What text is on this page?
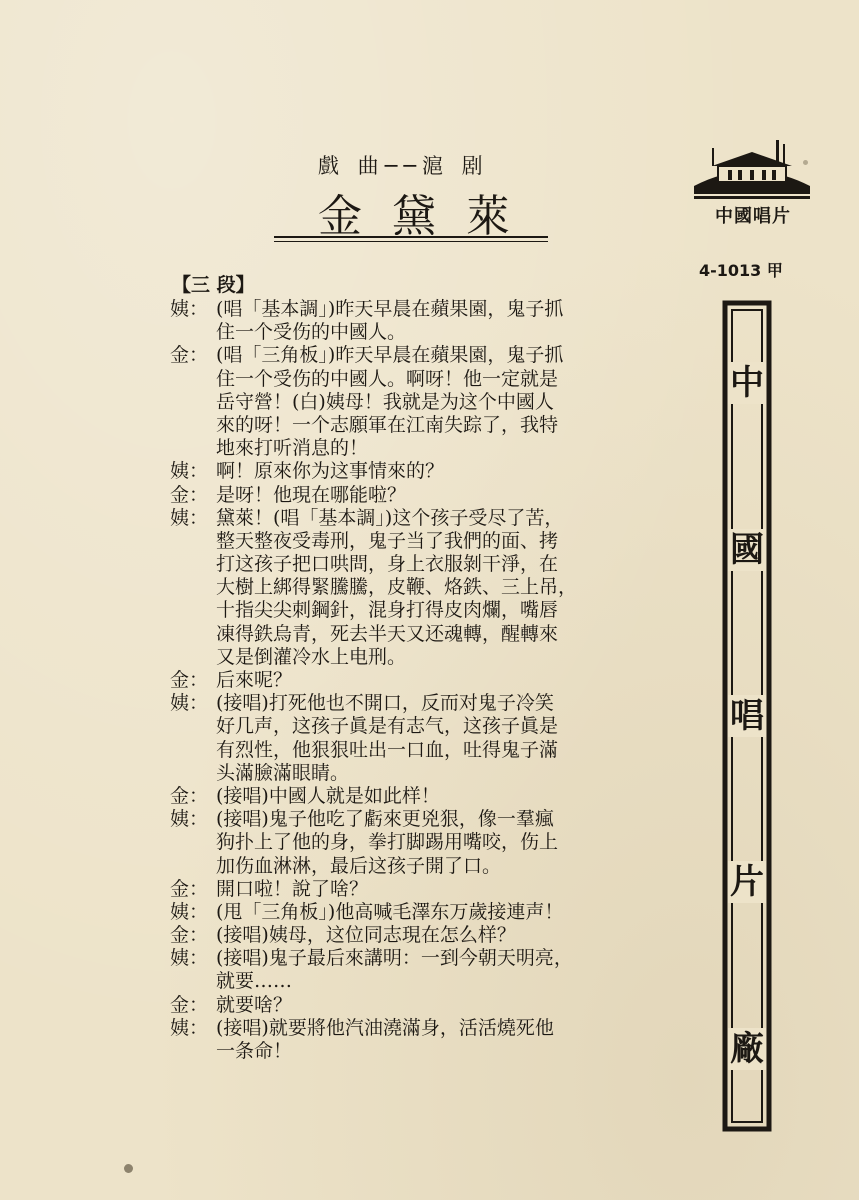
戲 曲──滬 剧
金黛萊	中國唱片
4-1013 甲
中
國
唱
片
廠
【三 段】
姨： (唱「基本調」)昨天早晨在蘋果園，鬼子抓
住一个受伤的中國人。
金： (唱「三角板」)昨天早晨在蘋果園，鬼子抓
住一个受伤的中國人。啊呀！他一定就是
岳守營！(白)姨母！我就是为这个中國人
來的呀！一个志願軍在江南失踪了，我特
地來打听消息的！
姨： 啊！原來你为这事情來的？
金： 是呀！他現在哪能啦？
姨： 黛萊！(唱「基本調」)这个孩子受尽了苦，
整天整夜受毒刑，鬼子当了我們的面、拷
打这孩子把口哄問，身上衣服剝干淨，在
大樹上綁得緊騰騰，皮鞭、烙鉄、三上吊，
十指尖尖刺鋼針，混身打得皮肉爛，嘴唇
凍得鉄烏青，死去半天又还魂轉，醒轉來
又是倒灌冷水上电刑。
金： 后來呢？
姨： (接唱)打死他也不開口，反而对鬼子冷笑
好几声，这孩子眞是有志气，这孩子眞是
有烈性，他狠狠吐出一口血，吐得鬼子滿
头滿臉滿眼睛。
金： (接唱)中國人就是如此样！
姨： (接唱)鬼子他吃了虧來更兇狠，像一羣瘋
狗扑上了他的身，拳打脚踢用嘴咬，伤上
加伤血淋淋，最后这孩子開了口。
金： 開口啦！說了啥？
姨： (甩「三角板」)他高喊毛澤东万歲接連声！
金： (接唱)姨母，这位同志現在怎么样？
姨： (接唱)鬼子最后來講明：一到今朝天明亮，
就要……
金： 就要啥？
姨： (接唱)就要將他汽油澆滿身，活活燒死他
一条命！
